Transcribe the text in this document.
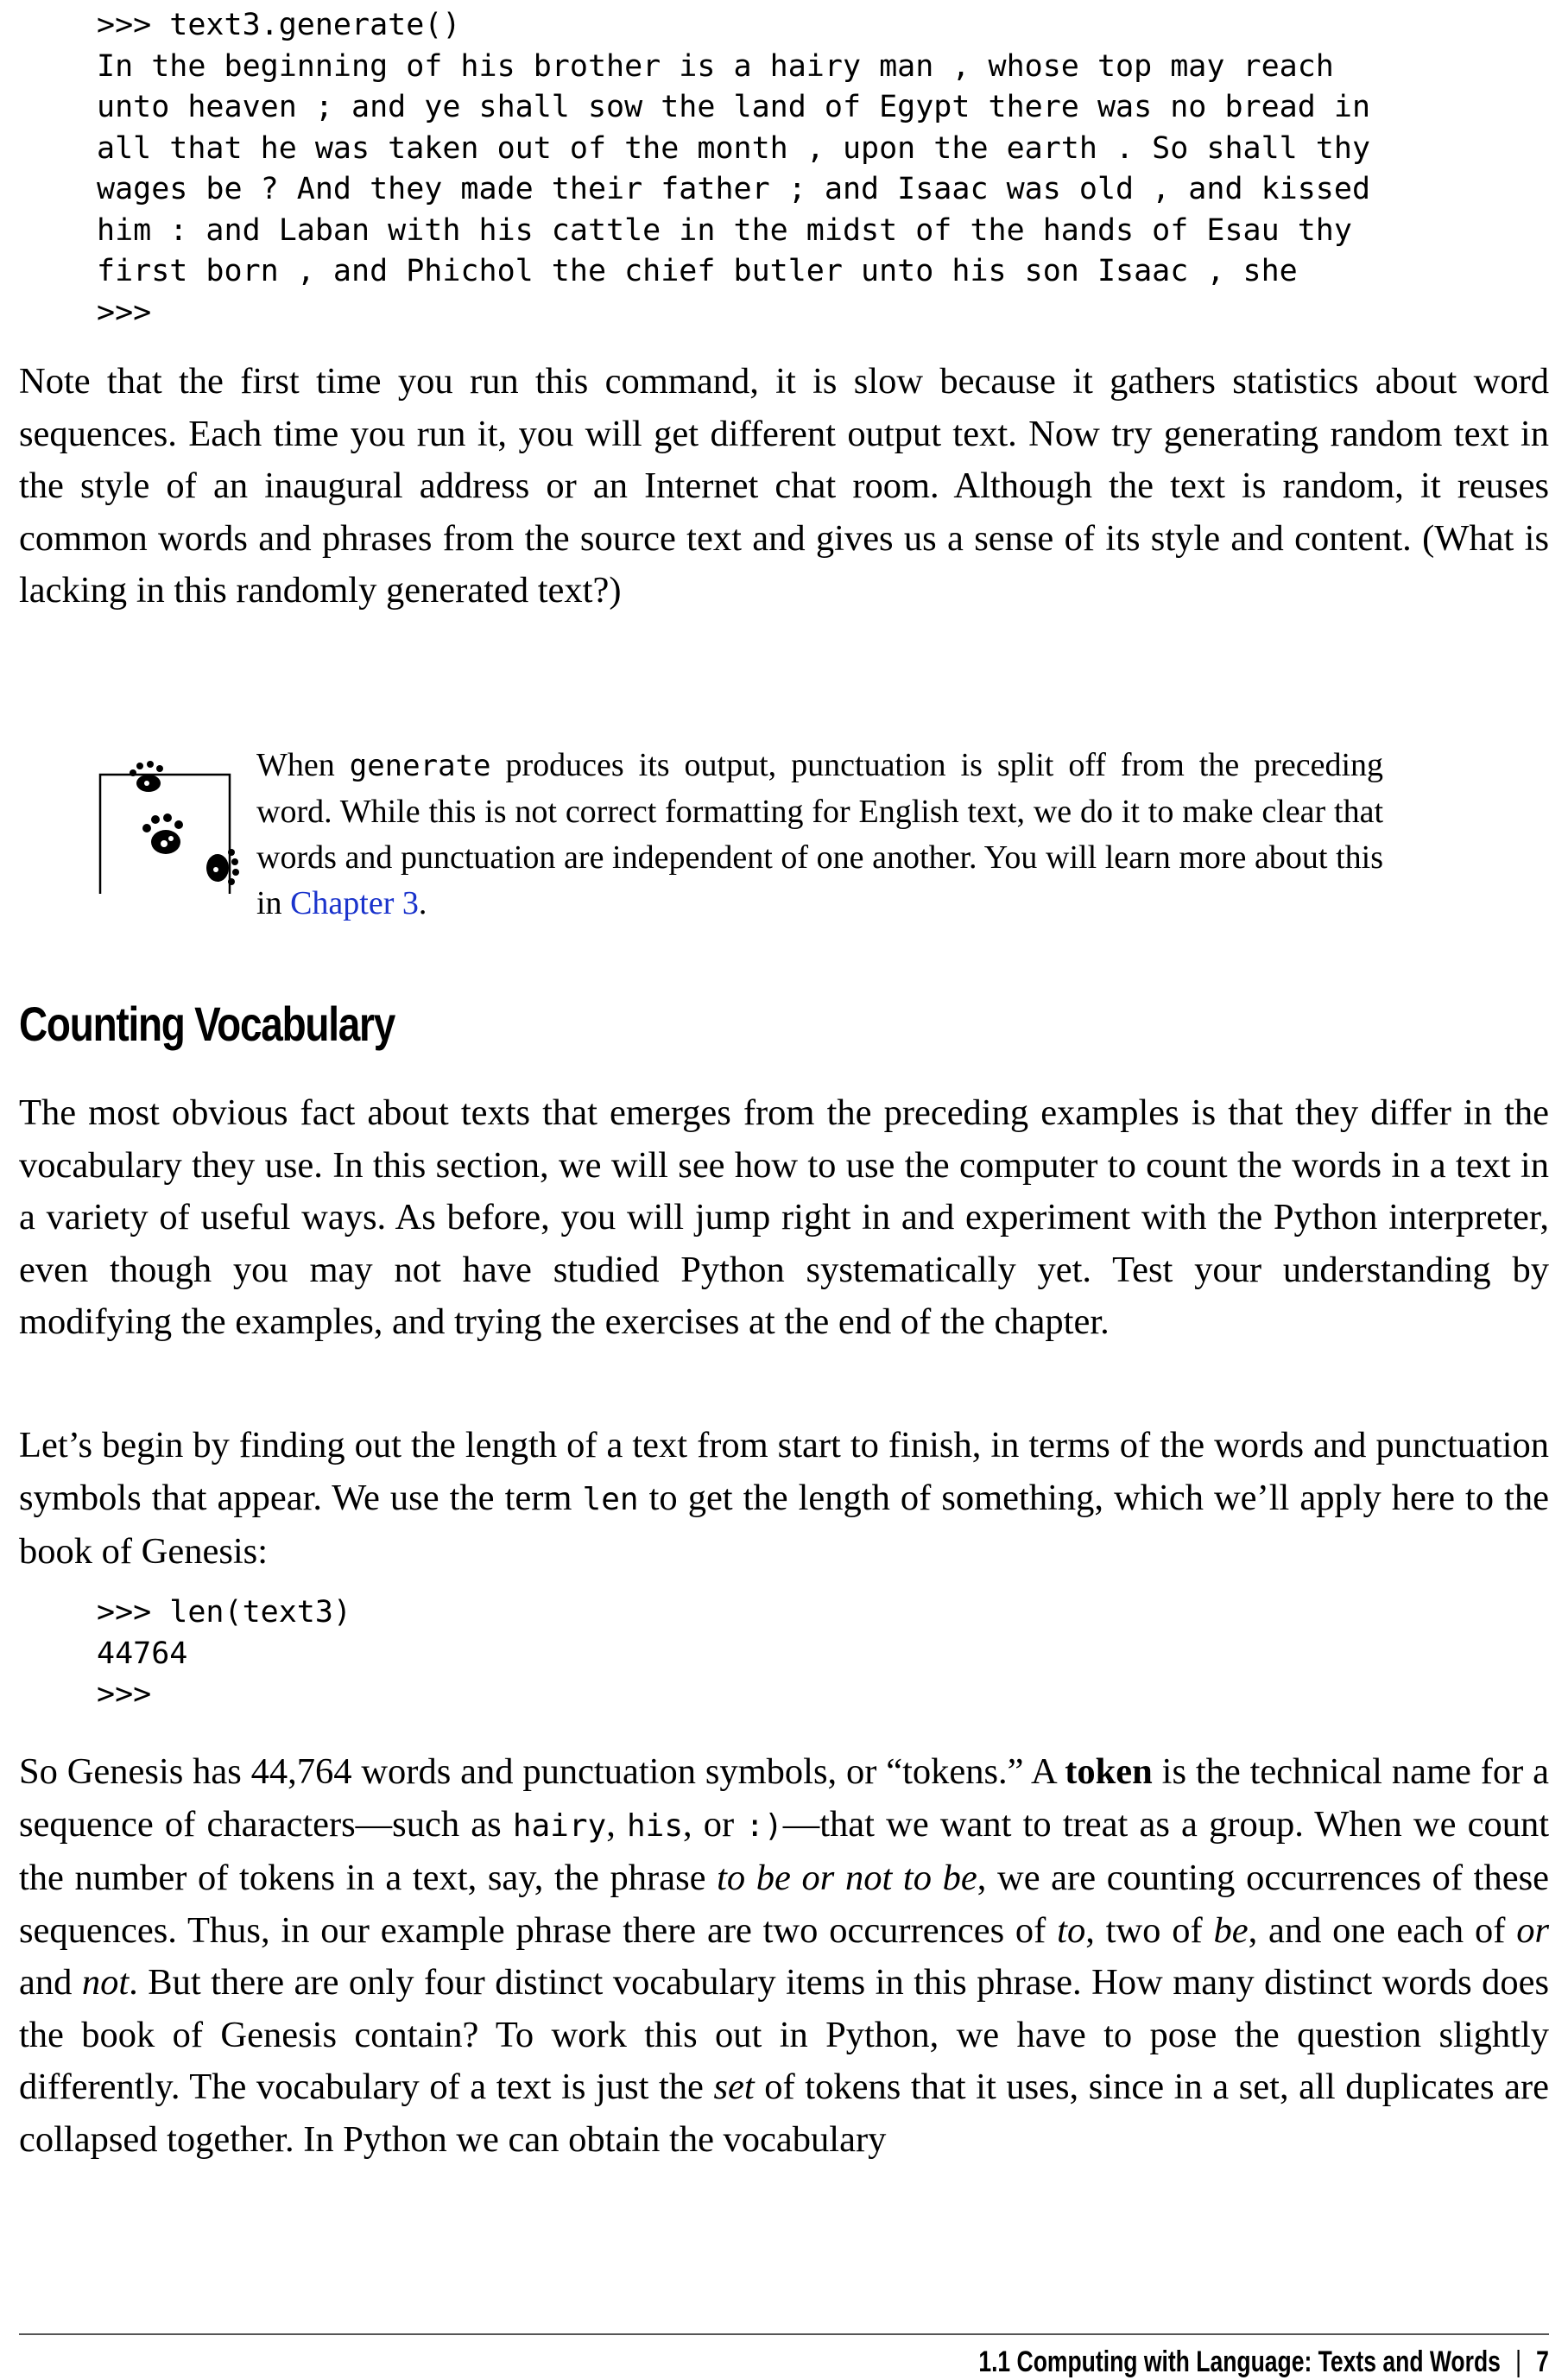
>>> text3.generate()
In the beginning of his brother is a hairy man , whose top may reach
unto heaven ; and ye shall sow the land of Egypt there was no bread in
all that he was taken out of the month , upon the earth . So shall thy
wages be ? And they made their father ; and Isaac was old , and kissed
him : and Laban with his cattle in the midst of the hands of Esau thy
first born , and Phichol the chief butler unto his son Isaac , she
>>>

Note that the first time you run this command, it is slow because it gathers statistics about word sequences. Each time you run it, you will get different output text. Now try generating random text in the style of an inaugural address or an Internet chat room. Although the text is random, it reuses common words and phrases from the source text and gives us a sense of its style and content. (What is lacking in this randomly generated text?)

When generate produces its output, punctuation is split off from the preceding word. While this is not correct formatting for English text, we do it to make clear that words and punctuation are independent of one another. You will learn more about this in Chapter 3.

Counting Vocabulary

The most obvious fact about texts that emerges from the preceding examples is that they differ in the vocabulary they use. In this section, we will see how to use the computer to count the words in a text in a variety of useful ways. As before, you will jump right in and experiment with the Python interpreter, even though you may not have studied Python systematically yet. Test your understanding by modifying the examples, and trying the exercises at the end of the chapter.

Let’s begin by finding out the length of a text from start to finish, in terms of the words and punctuation symbols that appear. We use the term len to get the length of something, which we’ll apply here to the book of Genesis:

>>> len(text3)
44764
>>>

So Genesis has 44,764 words and punctuation symbols, or “tokens.” A token is the technical name for a sequence of characters—such as hairy, his, or :)—that we want to treat as a group. When we count the number of tokens in a text, say, the phrase to be or not to be, we are counting occurrences of these sequences. Thus, in our example phrase there are two occurrences of to, two of be, and one each of or and not. But there are only four distinct vocabulary items in this phrase. How many distinct words does the book of Genesis contain? To work this out in Python, we have to pose the question slightly differently. The vocabulary of a text is just the set of tokens that it uses, since in a set, all duplicates are collapsed together. In Python we can obtain the vocabulary

1.1 Computing with Language: Texts and Words | 7
